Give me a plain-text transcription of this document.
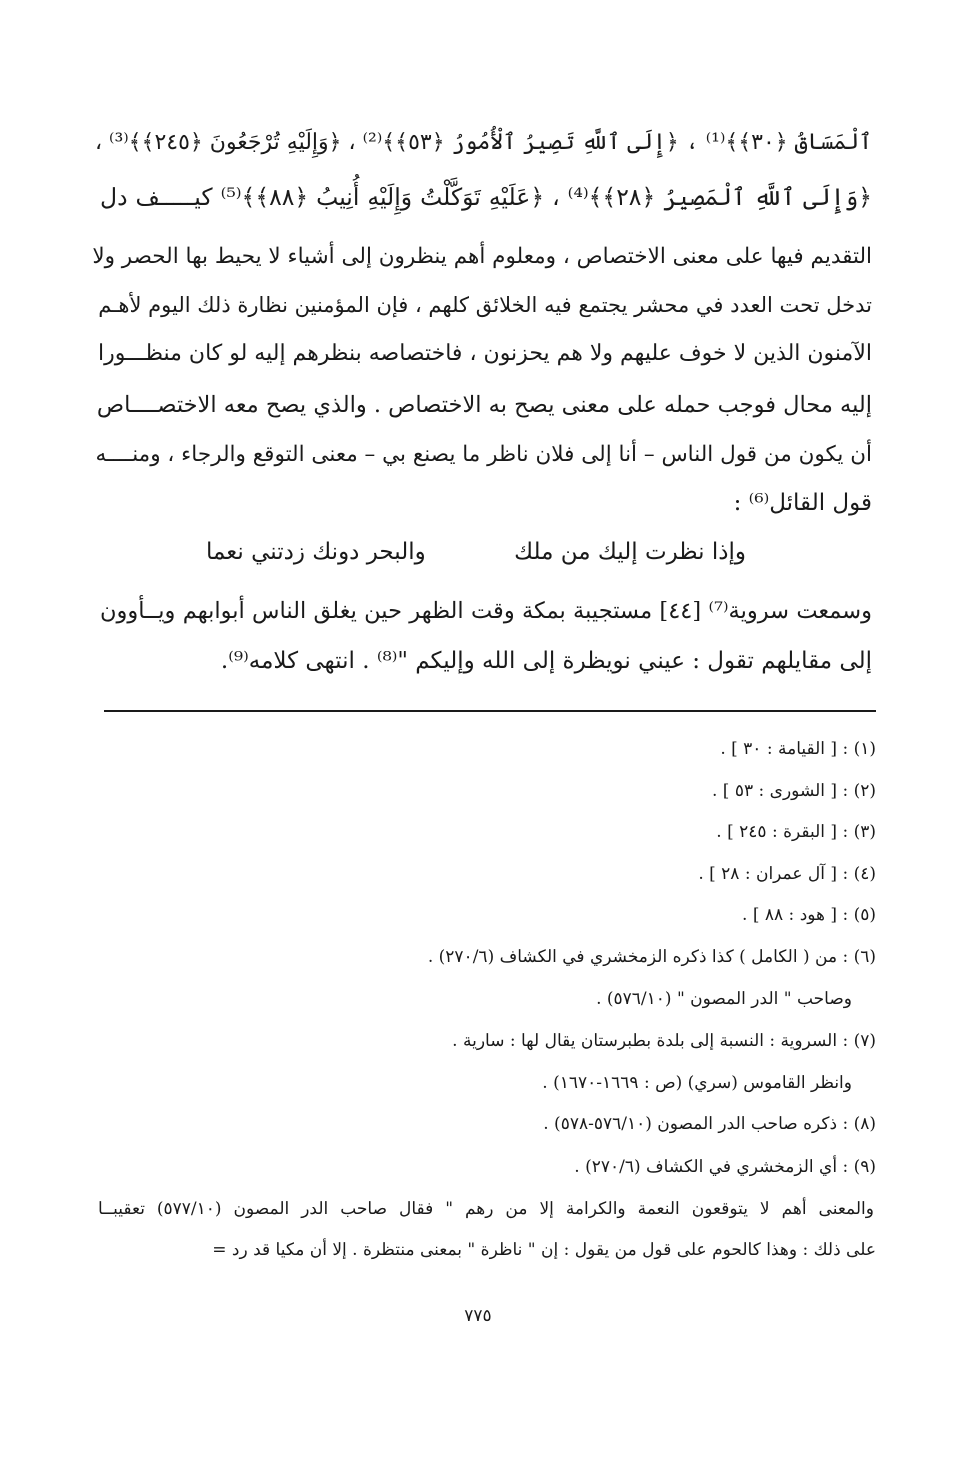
ٱلْمَسَاقُ ﴿٣٠﴾﴾⁽¹⁾ ، ﴿إِلَى ٱللَّهِ تَصِيرُ ٱلْأُمُورُ ﴿٥٣﴾﴾⁽²⁾ ، ﴿وَإِلَيْهِ تُرْجَعُونَ ﴿٢٤٥﴾﴾⁽³⁾ ،
﴿وَإِلَى ٱللَّهِ ٱلْمَصِيرُ ﴿٢٨﴾﴾⁽⁴⁾ ، ﴿عَلَيْهِ تَوَكَّلْتُ وَإِلَيْهِ أُنِيبُ ﴿٨٨﴾﴾⁽⁵⁾ كيـــــف دل
التقديم فيها على معنى الاختصاص ، ومعلوم أهم ينظرون إلى أشياء لا يحيط بها الحصر ولا
تدخل تحت العدد في محشر يجتمع فيه الخلائق كلهم ، فإن المؤمنين نظارة ذلك اليوم لأهـم
الآمنون الذين لا خوف عليهم ولا هم يحزنون ، فاختصاصه بنظرهم إليه لو كان منظـــورا
إليه محال فوجب حمله على معنى يصح به الاختصاص . والذي يصح معه الاختصــــاص
أن يكون من قول الناس – أنا إلى فلان ناظر ما يصنع بي – معنى التوقع والرجاء ، ومنــــه
قول القائل⁽⁶⁾ :
وإذا نظرت إليك من ملك
والبحر دونك زدتني نعما
وسمعت سروية⁽⁷⁾ [٤٤] مستجيبة بمكة وقت الظهر حين يغلق الناس أبوابهم ويــأوون
إلى مقايلهم تقول : عيني نويظرة إلى الله وإليكم "⁽⁸⁾ . انتهى كلامه⁽⁹⁾.
(١) : [ القيامة : ٣٠ ] .
(٢) : [ الشورى : ٥٣ ] .
(٣) : [ البقرة : ٢٤٥ ] .
(٤) : [ آل عمران : ٢٨ ] .
(٥) : [ هود : ٨٨ ] .
(٦) : من ( الكامل ) كذا ذكره الزمخشري في الكشاف (٢٧٠/٦) .
وصاحب " الدر المصون " (٥٧٦/١٠) .
(٧) : السروية : النسبة إلى بلدة بطبرستان يقال لها : سارية .
وانظر القاموس (سري) (ص : ١٦٦٩-١٦٧٠) .
(٨) : ذكره صاحب الدر المصون (٥٧٦/١٠-٥٧٨) .
(٩) : أي الزمخشري في الكشاف (٢٧٠/٦) .
والمعنى أهم لا يتوقعون النعمة والكرامة إلا من رهم " فقال صاحب الدر المصون (٥٧٧/١٠) تعقيبــا
على ذلك : وهذا كالحوم على قول من يقول : إن " ناظرة " بمعنى منتظرة . إلا أن مكيا قد رد =
٧٧٥
